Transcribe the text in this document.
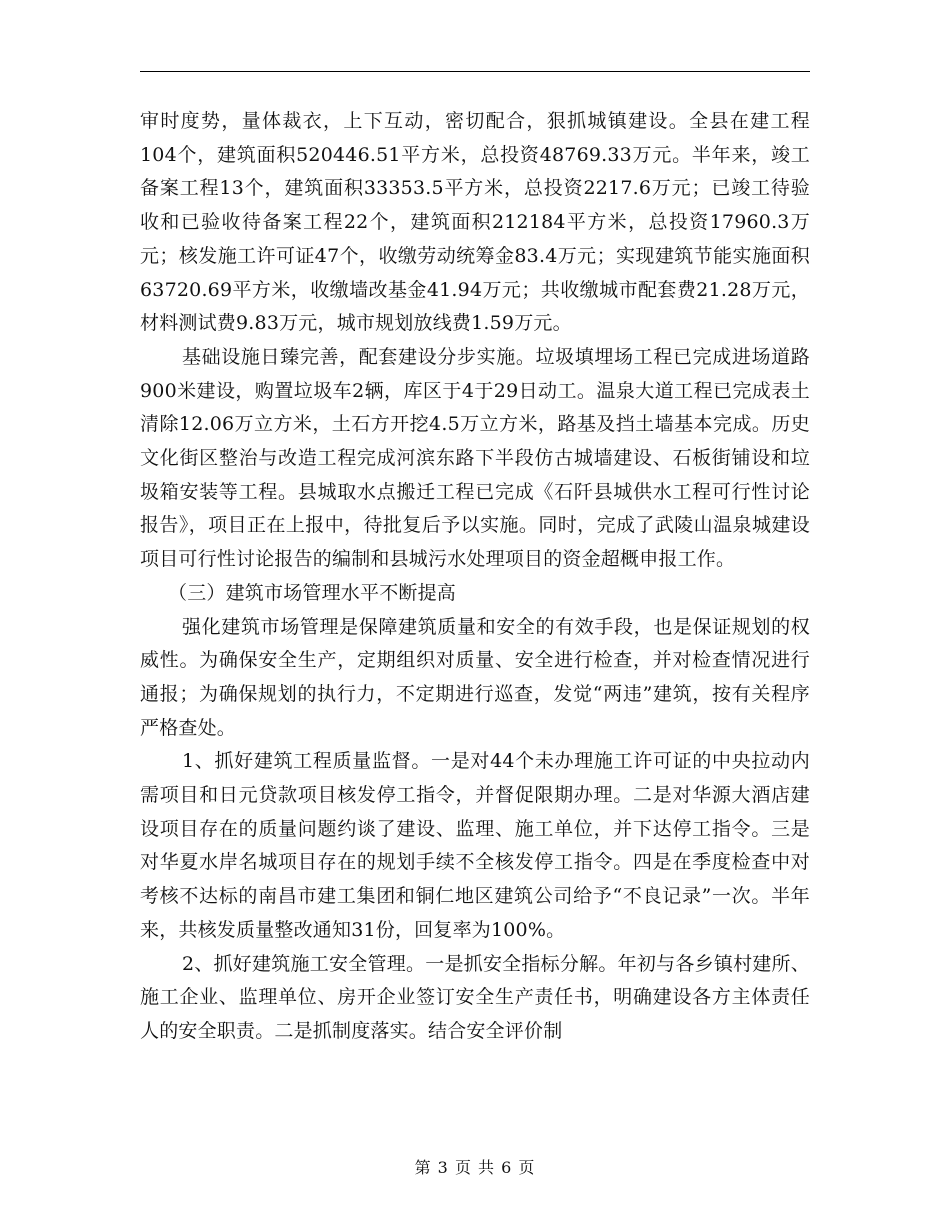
审时度势，量体裁衣，上下互动，密切配合，狠抓城镇建设。全县在建工程104个，建筑面积520446.51平方米，总投资48769.33万元。半年来，竣工备案工程13个，建筑面积33353.5平方米，总投资2217.6万元；已竣工待验收和已验收待备案工程22个，建筑面积212184平方米，总投资17960.3万元；核发施工许可证47个，收缴劳动统筹金83.4万元；实现建筑节能实施面积63720.69平方米，收缴墙改基金41.94万元；共收缴城市配套费21.28万元，材料测试费9.83万元，城市规划放线费1.59万元。

基础设施日臻完善，配套建设分步实施。垃圾填埋场工程已完成进场道路900米建设，购置垃圾车2辆，库区于4于29日动工。温泉大道工程已完成表土清除12.06万立方米，土石方开挖4.5万立方米，路基及挡土墙基本完成。历史文化街区整治与改造工程完成河滨东路下半段仿古城墙建设、石板街铺设和垃圾箱安装等工程。县城取水点搬迁工程已完成《石阡县城供水工程可行性讨论报告》，项目正在上报中，待批复后予以实施。同时，完成了武陵山温泉城建设项目可行性讨论报告的编制和县城污水处理项目的资金超概申报工作。

（三）建筑市场管理水平不断提高

强化建筑市场管理是保障建筑质量和安全的有效手段，也是保证规划的权威性。为确保安全生产，定期组织对质量、安全进行检查，并对检查情况进行通报；为确保规划的执行力，不定期进行巡查，发觉“两违”建筑，按有关程序严格查处。

1、抓好建筑工程质量监督。一是对44个未办理施工许可证的中央拉动内需项目和日元贷款项目核发停工指令，并督促限期办理。二是对华源大酒店建设项目存在的质量问题约谈了建设、监理、施工单位，并下达停工指令。三是对华夏水岸名城项目存在的规划手续不全核发停工指令。四是在季度检查中对考核不达标的南昌市建工集团和铜仁地区建筑公司给予“不良记录”一次。半年来，共核发质量整改通知31份，回复率为100%。

2、抓好建筑施工安全管理。一是抓安全指标分解。年初与各乡镇村建所、施工企业、监理单位、房开企业签订安全生产责任书，明确建设各方主体责任人的安全职责。二是抓制度落实。结合安全评价制

第 3 页 共 6 页
